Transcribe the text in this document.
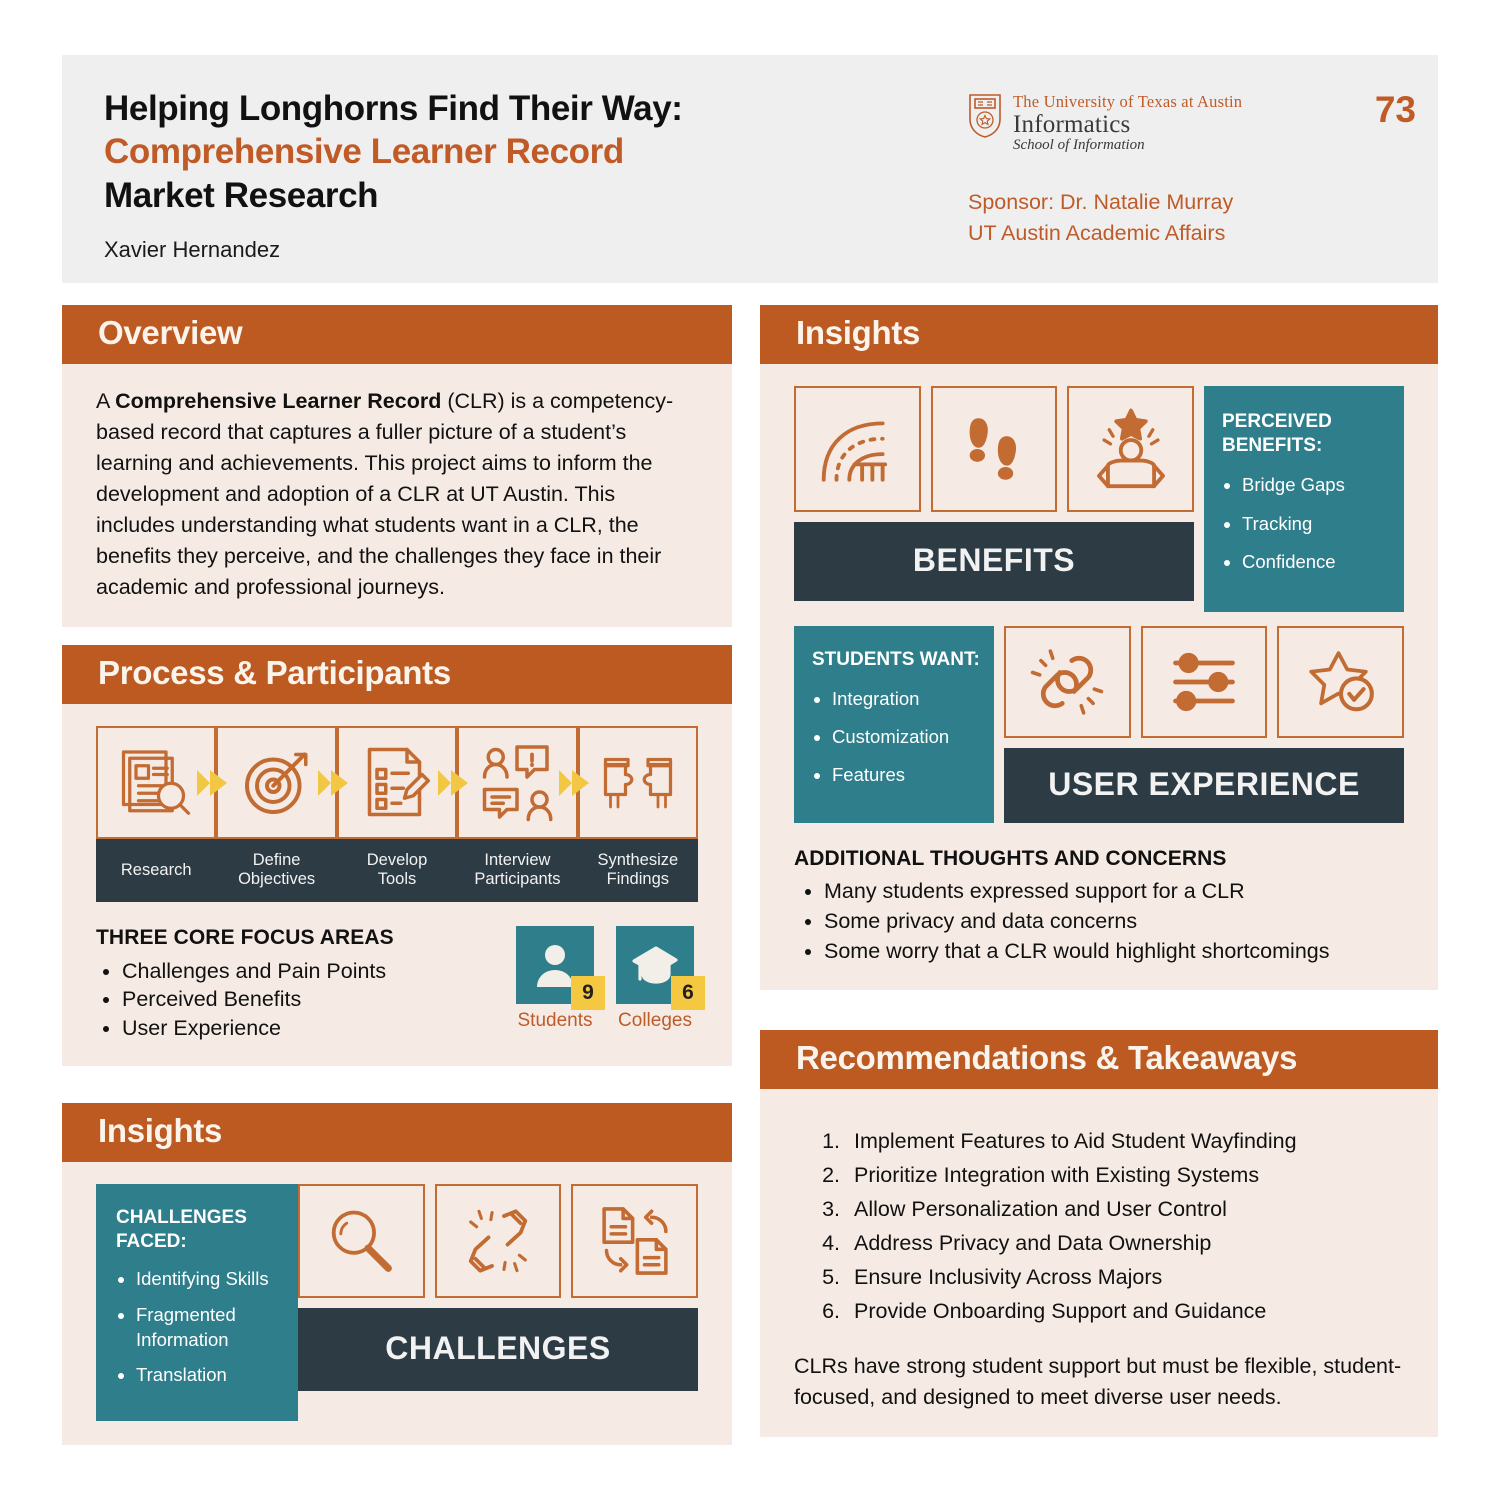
Helping Longhorns Find Their Way:
Comprehensive Learner Record
Market Research
Xavier Hernandez
73
The University of Texas at Austin
Informatics
School of Information
Sponsor: Dr. Natalie Murray
UT Austin Academic Affairs
Overview

A Comprehensive Learner Record (CLR) is a competency-based record that captures a fuller picture of a student’s learning and achievements. This project aims to inform the development and adoption of a CLR at UT Austin. This includes understanding what students want in a CLR, the benefits they perceive, and the challenges they face in their academic and professional journeys.

Process & Participants
Research
Define
Objectives
Develop
Tools
Interview
Participants
Synthesize
Findings
THREE CORE FOCUS AREAS
• Challenges and Pain Points
• Perceived Benefits
• User Experience
9
Students
6
Colleges
Insights
CHALLENGES FACED:
• Identifying Skills
• Fragmented Information
• Translation
CHALLENGES
Insights
BENEFITS
PERCEIVED BENEFITS:
• Bridge Gaps
• Tracking
• Confidence
STUDENTS WANT:
• Integration
• Customization
• Features	USER EXPERIENCE
ADDITIONAL THOUGHTS AND CONCERNS
• Many students expressed support for a CLR
• Some privacy and data concerns
• Some worry that a CLR would highlight shortcomings
Recommendations & Takeaways
1. Implement Features to Aid Student Wayfinding
2. Prioritize Integration with Existing Systems
3. Allow Personalization and User Control
4. Address Privacy and Data Ownership
5. Ensure Inclusivity Across Majors
6. Provide Onboarding Support and Guidance

CLRs have strong student support but must be flexible, student-focused, and designed to meet diverse user needs.
